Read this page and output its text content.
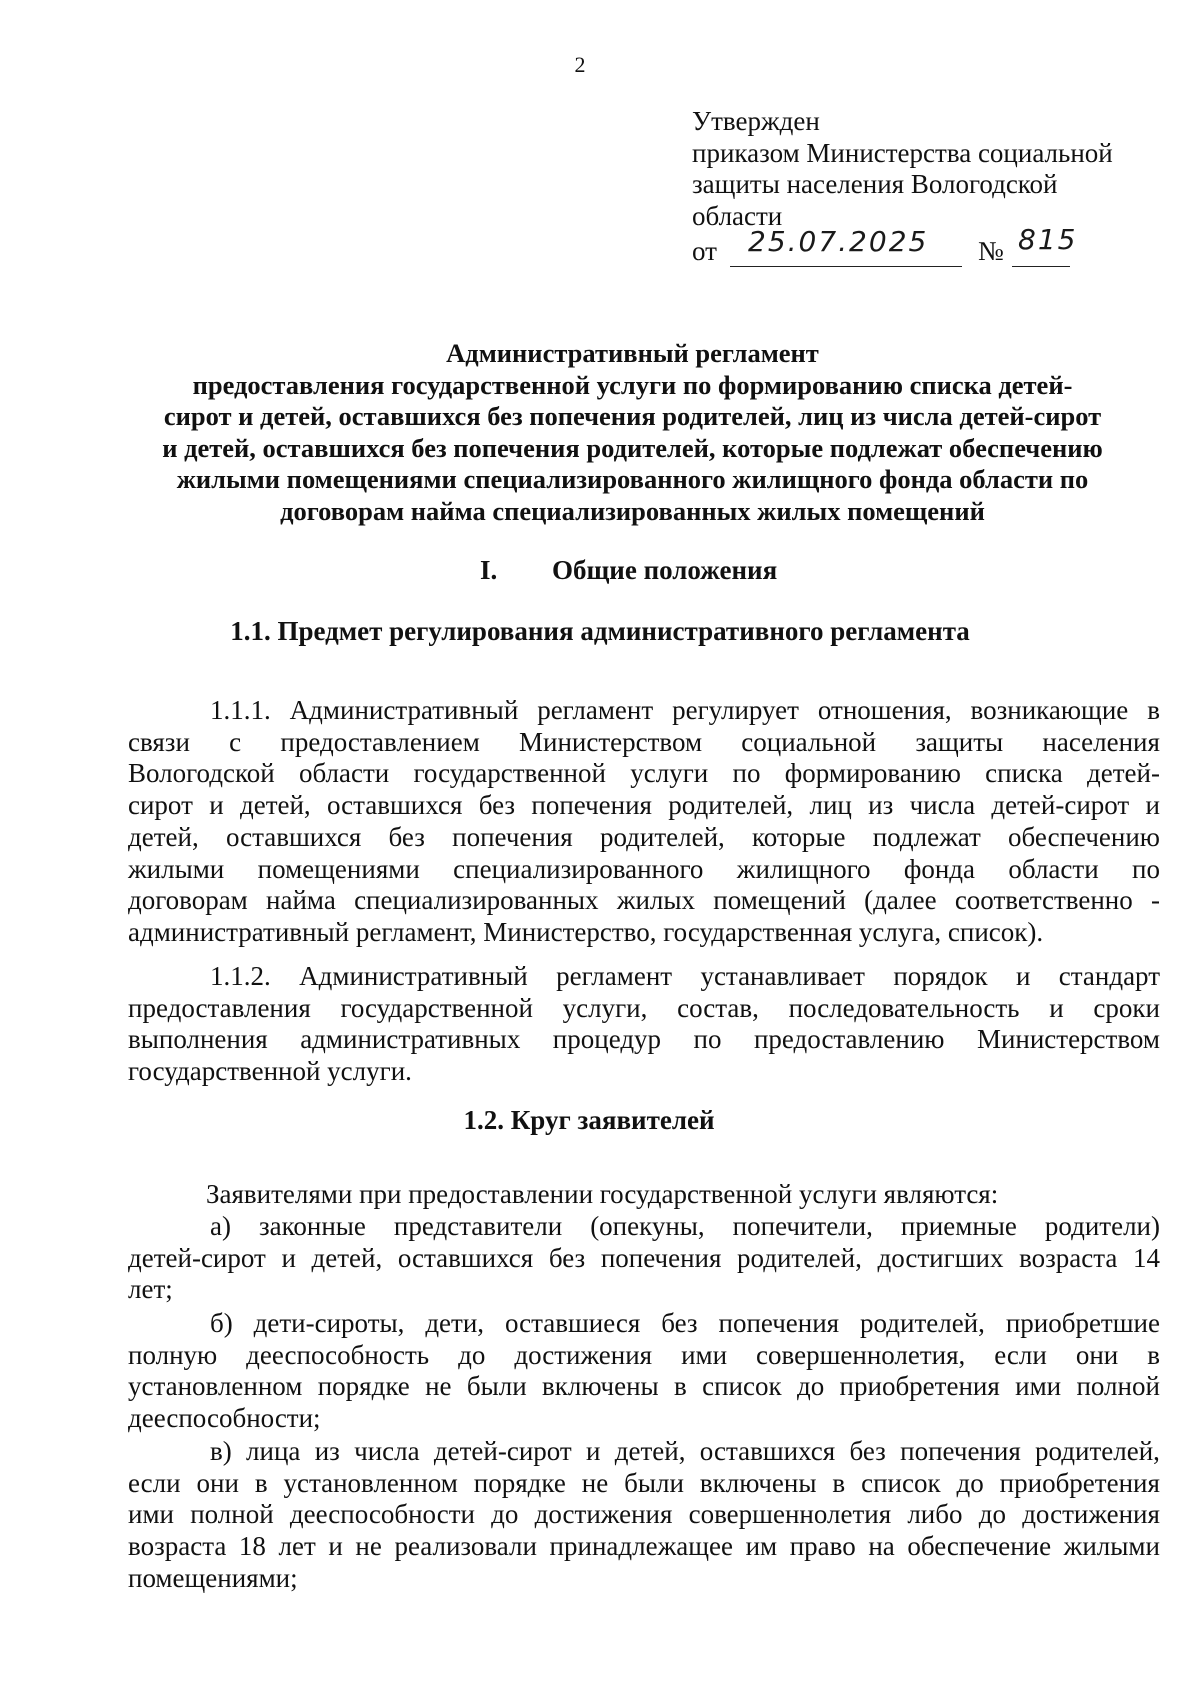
2
Утвержден
приказом Министерства социальной
защиты населения Вологодской
области
от 25.07.2025 № 815
Административный регламент
предоставления государственной услуги по формированию списка детей-
сирот и детей, оставшихся без попечения родителей, лиц из числа детей-сирот
и детей, оставшихся без попечения родителей, которые подлежат обеспечению
жилыми помещениями специализированного жилищного фонда области по
договорам найма специализированных жилых помещений
I. Общие положения
1.1. Предмет регулирования административного регламента
1.1.1. Административный регламент регулирует отношения, возникающие в
связи с предоставлением Министерством социальной защиты населения
Вологодской области государственной услуги по формированию списка детей-
сирот и детей, оставшихся без попечения родителей, лиц из числа детей-сирот и
детей, оставшихся без попечения родителей, которые подлежат обеспечению
жилыми помещениями специализированного жилищного фонда области по
договорам найма специализированных жилых помещений (далее соответственно -
административный регламент, Министерство, государственная услуга, список).
1.1.2. Административный регламент устанавливает порядок и стандарт
предоставления государственной услуги, состав, последовательность и сроки
выполнения административных процедур по предоставлению Министерством
государственной услуги.
1.2. Круг заявителей
Заявителями при предоставлении государственной услуги являются:
а) законные представители (опекуны, попечители, приемные родители)
детей-сирот и детей, оставшихся без попечения родителей, достигших возраста 14
лет;
б) дети-сироты, дети, оставшиеся без попечения родителей, приобретшие
полную дееспособность до достижения ими совершеннолетия, если они в
установленном порядке не были включены в список до приобретения ими полной
дееспособности;
в) лица из числа детей-сирот и детей, оставшихся без попечения родителей,
если они в установленном порядке не были включены в список до приобретения
ими полной дееспособности до достижения совершеннолетия либо до достижения
возраста 18 лет и не реализовали принадлежащее им право на обеспечение жилыми
помещениями;
